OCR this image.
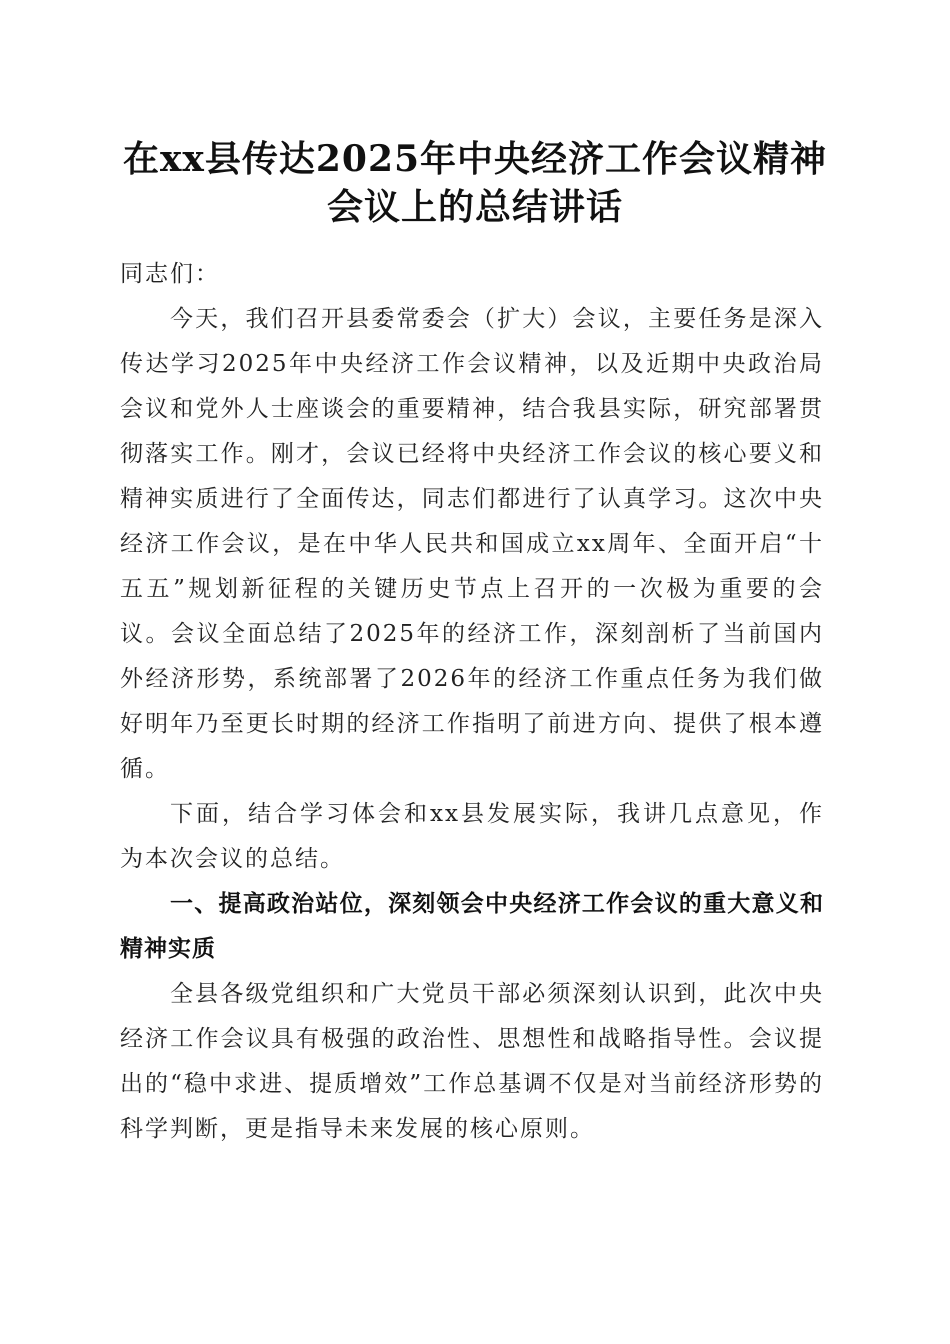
在xx县传达2025年中央经济工作会议精神会议上的总结讲话

同志们：

今天，我们召开县委常委会（扩大）会议，主要任务是深入传达学习2025年中央经济工作会议精神，以及近期中央政治局会议和党外人士座谈会的重要精神，结合我县实际，研究部署贯彻落实工作。刚才，会议已经将中央经济工作会议的核心要义和精神实质进行了全面传达，同志们都进行了认真学习。这次中央经济工作会议，是在中华人民共和国成立xx周年、全面开启“十五五”规划新征程的关键历史节点上召开的一次极为重要的会议。会议全面总结了2025年的经济工作，深刻剖析了当前国内外经济形势，系统部署了2026年的经济工作重点任务为我们做好明年乃至更长时期的经济工作指明了前进方向、提供了根本遵循。

下面，结合学习体会和xx县发展实际，我讲几点意见，作为本次会议的总结。

一、提高政治站位，深刻领会中央经济工作会议的重大意义和精神实质

全县各级党组织和广大党员干部必须深刻认识到，此次中央经济工作会议具有极强的政治性、思想性和战略指导性。会议提出的“稳中求进、提质增效”工作总基调不仅是对当前经济形势的科学判断，更是指导未来发展的核心原则。
